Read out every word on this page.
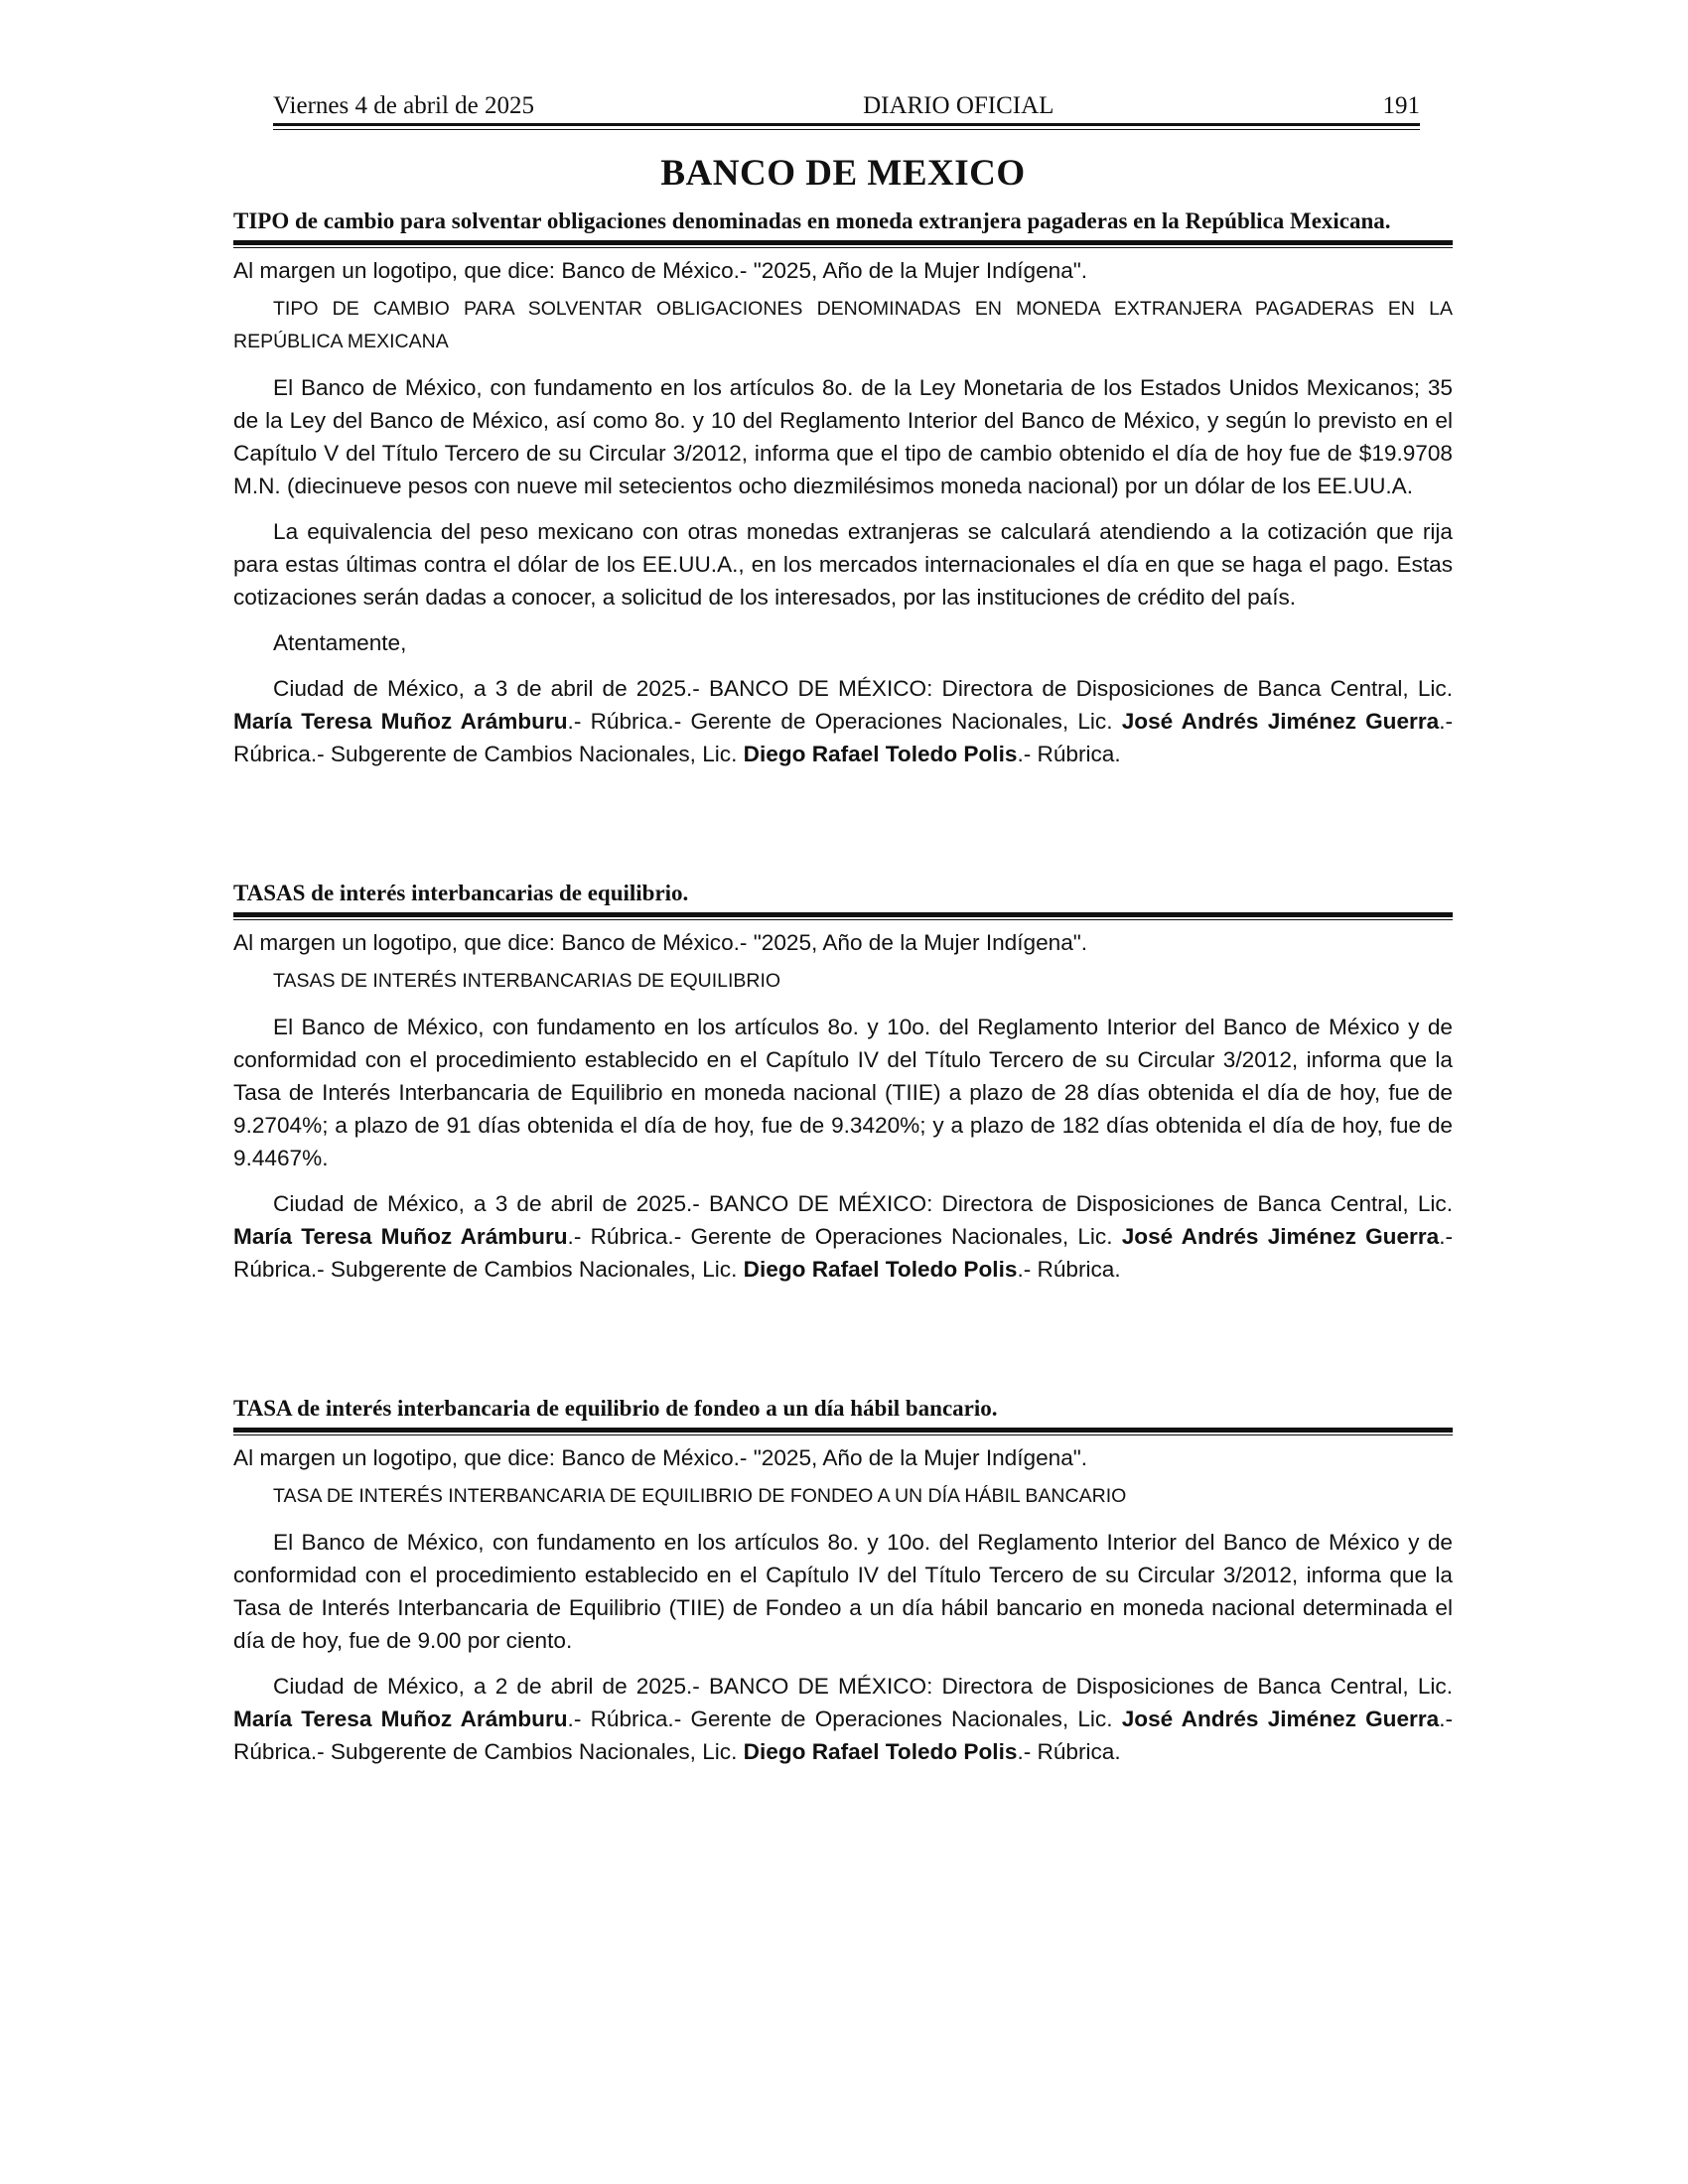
Viernes 4 de abril de 2025	DIARIO OFICIAL	191
BANCO DE MEXICO
TIPO de cambio para solventar obligaciones denominadas en moneda extranjera pagaderas en la República Mexicana.

Al margen un logotipo, que dice: Banco de México.- "2025, Año de la Mujer Indígena".

TIPO DE CAMBIO PARA SOLVENTAR OBLIGACIONES DENOMINADAS EN MONEDA EXTRANJERA PAGADERAS EN LA REPÚBLICA MEXICANA

El Banco de México, con fundamento en los artículos 8o. de la Ley Monetaria de los Estados Unidos Mexicanos; 35 de la Ley del Banco de México, así como 8o. y 10 del Reglamento Interior del Banco de México, y según lo previsto en el Capítulo V del Título Tercero de su Circular 3/2012, informa que el tipo de cambio obtenido el día de hoy fue de $19.9708 M.N. (diecinueve pesos con nueve mil setecientos ocho diezmilésimos moneda nacional) por un dólar de los EE.UU.A.

La equivalencia del peso mexicano con otras monedas extranjeras se calculará atendiendo a la cotización que rija para estas últimas contra el dólar de los EE.UU.A., en los mercados internacionales el día en que se haga el pago. Estas cotizaciones serán dadas a conocer, a solicitud de los interesados, por las instituciones de crédito del país.

Atentamente,

Ciudad de México, a 3 de abril de 2025.- BANCO DE MÉXICO: Directora de Disposiciones de Banca Central, Lic. María Teresa Muñoz Arámburu.- Rúbrica.- Gerente de Operaciones Nacionales, Lic. José Andrés Jiménez Guerra.- Rúbrica.- Subgerente de Cambios Nacionales, Lic. Diego Rafael Toledo Polis.- Rúbrica.

TASAS de interés interbancarias de equilibrio.

Al margen un logotipo, que dice: Banco de México.- "2025, Año de la Mujer Indígena".

TASAS DE INTERÉS INTERBANCARIAS DE EQUILIBRIO

El Banco de México, con fundamento en los artículos 8o. y 10o. del Reglamento Interior del Banco de México y de conformidad con el procedimiento establecido en el Capítulo IV del Título Tercero de su Circular 3/2012, informa que la Tasa de Interés Interbancaria de Equilibrio en moneda nacional (TIIE) a plazo de 28 días obtenida el día de hoy, fue de 9.2704%; a plazo de 91 días obtenida el día de hoy, fue de 9.3420%; y a plazo de 182 días obtenida el día de hoy, fue de 9.4467%.

Ciudad de México, a 3 de abril de 2025.- BANCO DE MÉXICO: Directora de Disposiciones de Banca Central, Lic. María Teresa Muñoz Arámburu.- Rúbrica.- Gerente de Operaciones Nacionales, Lic. José Andrés Jiménez Guerra.- Rúbrica.- Subgerente de Cambios Nacionales, Lic. Diego Rafael Toledo Polis.- Rúbrica.

TASA de interés interbancaria de equilibrio de fondeo a un día hábil bancario.

Al margen un logotipo, que dice: Banco de México.- "2025, Año de la Mujer Indígena".

TASA DE INTERÉS INTERBANCARIA DE EQUILIBRIO DE FONDEO A UN DÍA HÁBIL BANCARIO

El Banco de México, con fundamento en los artículos 8o. y 10o. del Reglamento Interior del Banco de México y de conformidad con el procedimiento establecido en el Capítulo IV del Título Tercero de su Circular 3/2012, informa que la Tasa de Interés Interbancaria de Equilibrio (TIIE) de Fondeo a un día hábil bancario en moneda nacional determinada el día de hoy, fue de 9.00 por ciento.

Ciudad de México, a 2 de abril de 2025.- BANCO DE MÉXICO: Directora de Disposiciones de Banca Central, Lic. María Teresa Muñoz Arámburu.- Rúbrica.- Gerente de Operaciones Nacionales, Lic. José Andrés Jiménez Guerra.- Rúbrica.- Subgerente de Cambios Nacionales, Lic. Diego Rafael Toledo Polis.- Rúbrica.
